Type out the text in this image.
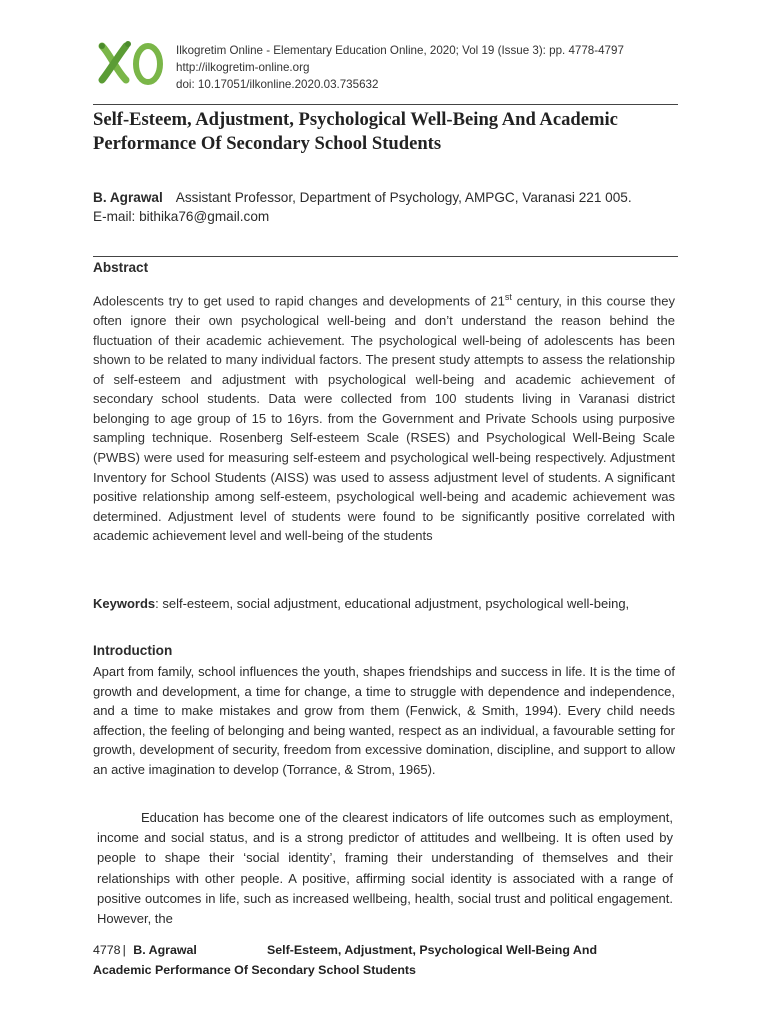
Ilkogretim Online - Elementary Education Online, 2020; Vol 19 (Issue 3): pp. 4778-4797
http://ilkogretim-online.org
doi: 10.17051/ilkonline.2020.03.735632
Self-Esteem, Adjustment, Psychological Well-Being And Academic
Performance Of Secondary School Students
B. Agrawal Assistant Professor, Department of Psychology, AMPGC, Varanasi 221 005.
E-mail: bithika76@gmail.com
Abstract
Adolescents try to get used to rapid changes and developments of 21st century, in this course they often ignore their own psychological well-being and don’t understand the reason behind the fluctuation of their academic achievement. The psychological well-being of adolescents has been shown to be related to many individual factors. The present study attempts to assess the relationship of self-esteem and adjustment with psychological well-being and academic achievement of secondary school students. Data were collected from 100 students living in Varanasi district belonging to age group of 15 to 16yrs. from the Government and Private Schools using purposive sampling technique. Rosenberg Self-esteem Scale (RSES) and Psychological Well-Being Scale (PWBS) were used for measuring self-esteem and psychological well-being respectively. Adjustment Inventory for School Students (AISS) was used to assess adjustment level of students. A significant positive relationship among self-esteem, psychological well-being and academic achievement was determined. Adjustment level of students were found to be significantly positive correlated with academic achievement level and well-being of the students
Keywords: self-esteem, social adjustment, educational adjustment, psychological well-being,
Introduction
Apart from family, school influences the youth, shapes friendships and success in life. It is the time of growth and development, a time for change, a time to struggle with dependence and independence, and a time to make mistakes and grow from them (Fenwick, & Smith, 1994). Every child needs affection, the feeling of belonging and being wanted, respect as an individual, a favourable setting for growth, development of security, freedom from excessive domination, discipline, and support to allow an active imagination to develop (Torrance, & Strom, 1965).
Education has become one of the clearest indicators of life outcomes such as employment, income and social status, and is a strong predictor of attitudes and wellbeing. It is often used by people to shape their ‘social identity’, framing their understanding of themselves and their relationships with other people. A positive, affirming social identity is associated with a range of positive outcomes in life, such as increased wellbeing, health, social trust and political engagement. However, the
4778 | B. Agrawal	Self-Esteem, Adjustment, Psychological Well-Being And
Academic Performance Of Secondary School Students
